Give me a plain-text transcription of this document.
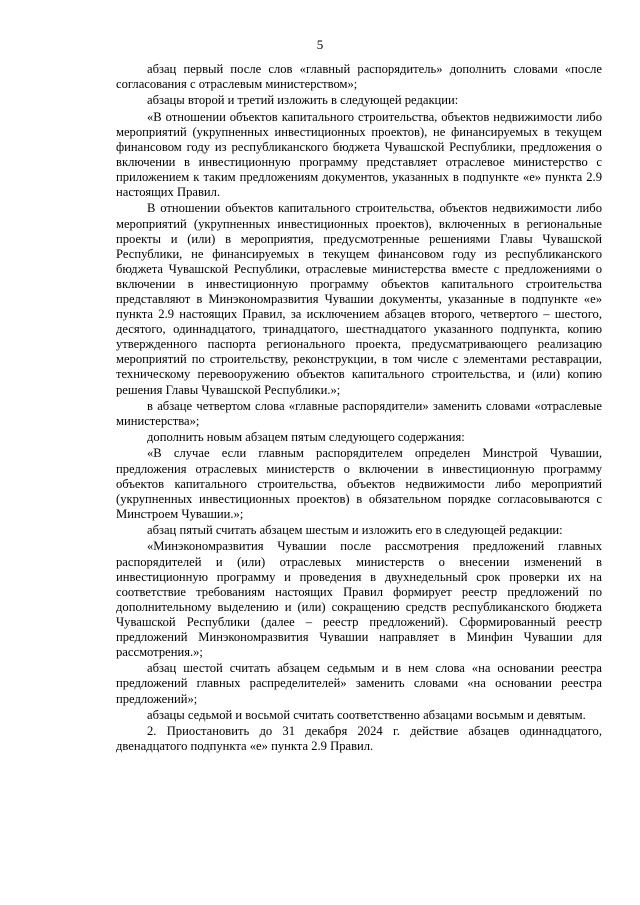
5

абзац первый после слов «главный распорядитель» дополнить словами «после согласования с отраслевым министерством»;

абзацы второй и третий изложить в следующей редакции:

«В отношении объектов капитального строительства, объектов недвижимости либо мероприятий (укрупненных инвестиционных проектов), не финансируемых в текущем финансовом году из республиканского бюджета Чувашской Республики, предложения о включении в инвестиционную программу представляет отраслевое министерство с приложением к таким предложениям документов, указанных в подпункте «е» пункта 2.9 настоящих Правил.

В отношении объектов капитального строительства, объектов недвижимости либо мероприятий (укрупненных инвестиционных проектов), включенных в региональные проекты и (или) в мероприятия, предусмотренные решениями Главы Чувашской Республики, не финансируемых в текущем финансовом году из республиканского бюджета Чувашской Республики, отраслевые министерства вместе с предложениями о включении в инвестиционную программу объектов капитального строительства представляют в Минэкономразвития Чувашии документы, указанные в подпункте «е» пункта 2.9 настоящих Правил, за исключением абзацев второго, четвертого – шестого, десятого, одиннадцатого, тринадцатого, шестнадцатого указанного подпункта, копию утвержденного паспорта регионального проекта, предусматривающего реализацию мероприятий по строительству, реконструкции, в том числе с элементами реставрации, техническому перевооружению объектов капитального строительства, и (или) копию решения Главы Чувашской Республики.»;

в абзаце четвертом слова «главные распорядители» заменить словами «отраслевые министерства»;

дополнить новым абзацем пятым следующего содержания:

«В случае если главным распорядителем определен Минстрой Чувашии, предложения отраслевых министерств о включении в инвестиционную программу объектов капитального строительства, объектов недвижимости либо мероприятий (укрупненных инвестиционных проектов) в обязательном порядке согласовываются с Минстроем Чувашии.»;

абзац пятый считать абзацем шестым и изложить его в следующей редакции:

«Минэкономразвития Чувашии после рассмотрения предложений главных распорядителей и (или) отраслевых министерств о внесении изменений в инвестиционную программу и проведения в двухнедельный срок проверки их на соответствие требованиям настоящих Правил формирует реестр предложений по дополнительному выделению и (или) сокращению средств республиканского бюджета Чувашской Республики (далее – реестр предложений). Сформированный реестр предложений Минэкономразвития Чувашии направляет в Минфин Чувашии для рассмотрения.»;

абзац шестой считать абзацем седьмым и в нем слова «на основании реестра предложений главных распределителей» заменить словами «на основании реестра предложений»;

абзацы седьмой и восьмой считать соответственно абзацами восьмым и девятым.

2. Приостановить до 31 декабря 2024 г. действие абзацев одиннадцатого, двенадцатого подпункта «е» пункта 2.9 Правил.
